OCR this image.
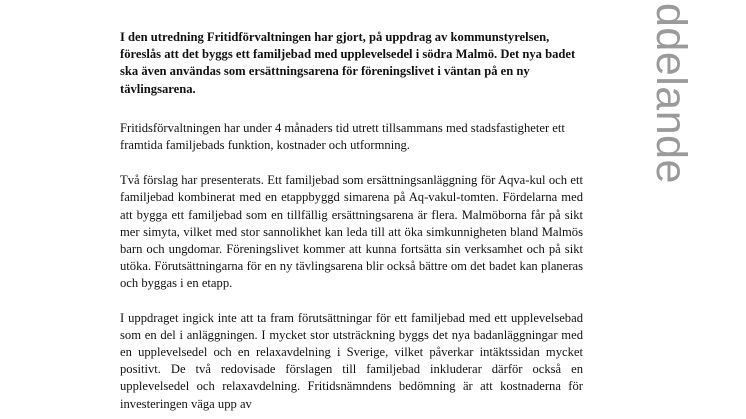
ddelande

I den utredning Fritidförvaltningen har gjort, på uppdrag av kommunstyrelsen, föreslås att det byggs ett familjebad med upplevelsedel i södra Malmö. Det nya badet ska även användas som ersättningsarena för föreningslivet i väntan på en ny tävlingsarena.

Fritidsförvaltningen har under 4 månaders tid utrett tillsammans med stadsfastigheter ett framtida familjebads funktion, kostnader och utformning.

Två förslag har presenterats. Ett familjebad som ersättningsanläggning för Aqva-kul och ett familjebad kombinerat med en etappbyggd simarena på Aq-vakul-tomten. Fördelarna med att bygga ett familjebad som en tillfällig ersättningsarena är flera. Malmöborna får på sikt mer simyta, vilket med stor sannolikhet kan leda till att öka simkunnigheten bland Malmös barn och ungdomar. Föreningslivet kommer att kunna fortsätta sin verksamhet och på sikt utöka. Förutsättningarna för en ny tävlingsarena blir också bättre om det badet kan planeras och byggas i en etapp.

I uppdraget ingick inte att ta fram förutsättningar för ett familjebad med ett upplevelsebad som en del i anläggningen. I mycket stor utsträckning byggs det nya badanläggningar med en upplevelsedel och en relaxavdelning i Sverige, vilket påverkar intäktssidan mycket positivt. De två redovisade förslagen till familjebad inkluderar därför också en upplevelsedel och relaxavdelning. Fritidsnämndens bedömning är att kostnaderna för investeringen väga upp av
